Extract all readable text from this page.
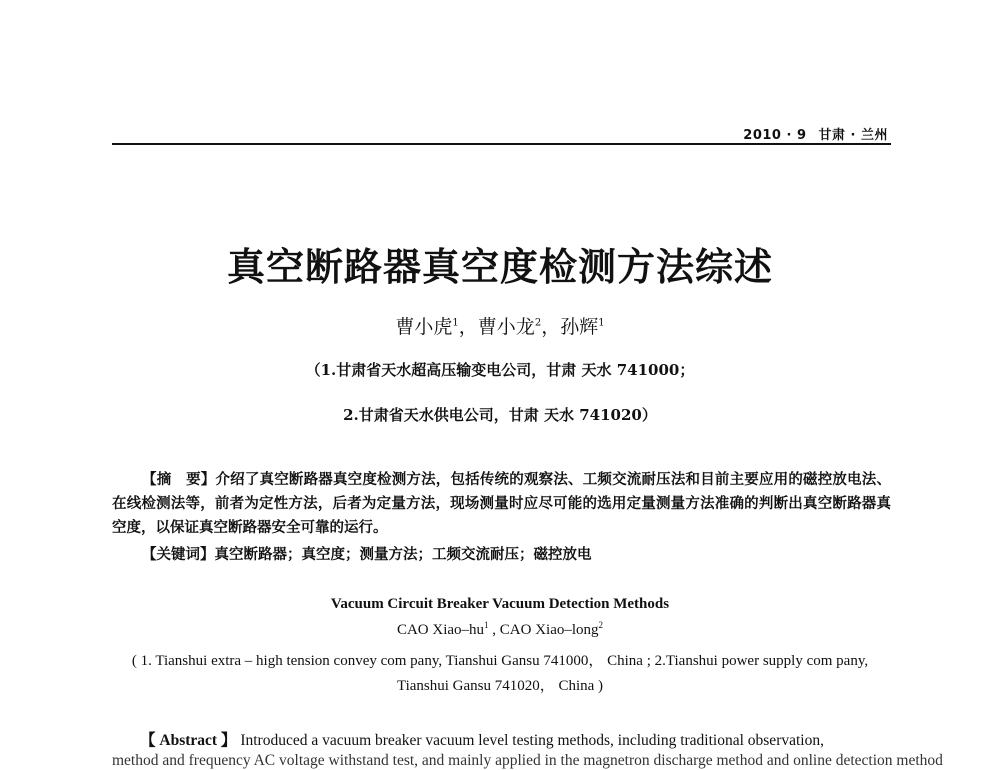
2010 · 9 甘肃 · 兰州
真空断路器真空度检测方法综述
曹小虎$^1$，曹小龙$^2$，孙辉$^1$
（1.甘肃省天水超高压输变电公司，甘肃 天水 741000；
2.甘肃省天水供电公司，甘肃 天水 741020）
【摘　要】介绍了真空断路器真空度检测方法，包括传统的观察法、工频交流耐压法和目前主要应用的磁控放电法、在线检测法等，前者为定性方法，后者为定量方法，现场测量时应尽可能的选用定量测量方法准确的判断出真空断路器真空度，以保证真空断路器安全可靠的运行。
【关键词】真空断路器；真空度；测量方法；工频交流耐压；磁控放电
Vacuum Circuit Breaker Vacuum Detection Methods
CAO Xiao–$hu^1$ , CAO Xiao–long$^2$
( 1. Tianshui extra – high tension convey com pany, Tianshui Gansu 741000， China ; 2.Tianshui power supply com pany, Tianshui Gansu 741020， China )
【 Abstract 】 Introduced a vacuum breaker vacuum level testing methods, including traditional observation,
method and frequency AC voltage withstand test, and mainly applied in the magnetron discharge method and online detection method
